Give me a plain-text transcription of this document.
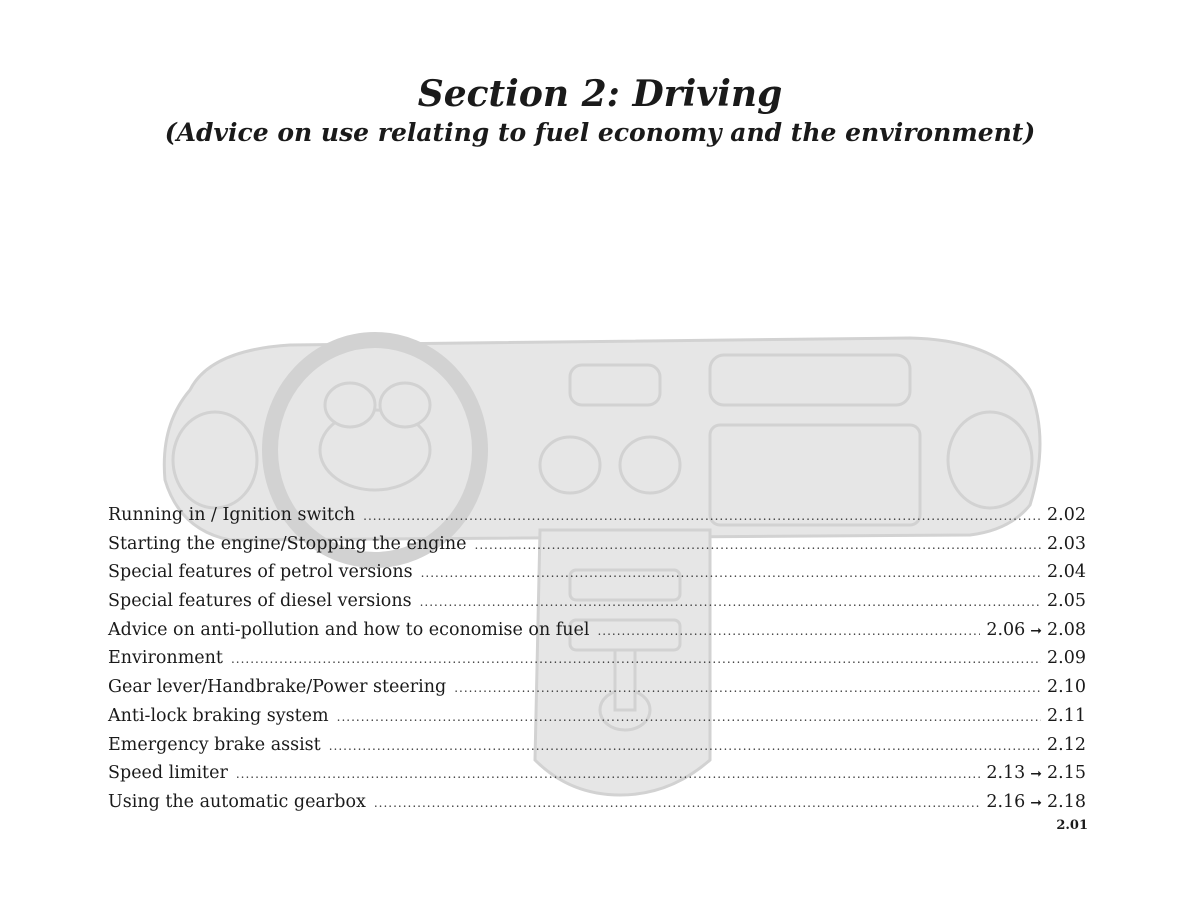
Section 2: Driving
(Advice on use relating to fuel economy and the environment)
Running in / Ignition switch .....	2.02
Starting the engine/Stopping the engine .....	2.03
Special features of petrol versions .....	2.04
Special features of diesel versions .....	2.05
Advice on anti-pollution and how to economise on fuel .....	2.06 ➞ 2.08
Environment .....	2.09
Gear lever/Handbrake/Power steering .....	2.10
Anti-lock braking system .....	2.11
Emergency brake assist .....	2.12
Speed limiter .....	2.13 ➞ 2.15
Using the automatic gearbox .....	2.16 ➞ 2.18
2.01
